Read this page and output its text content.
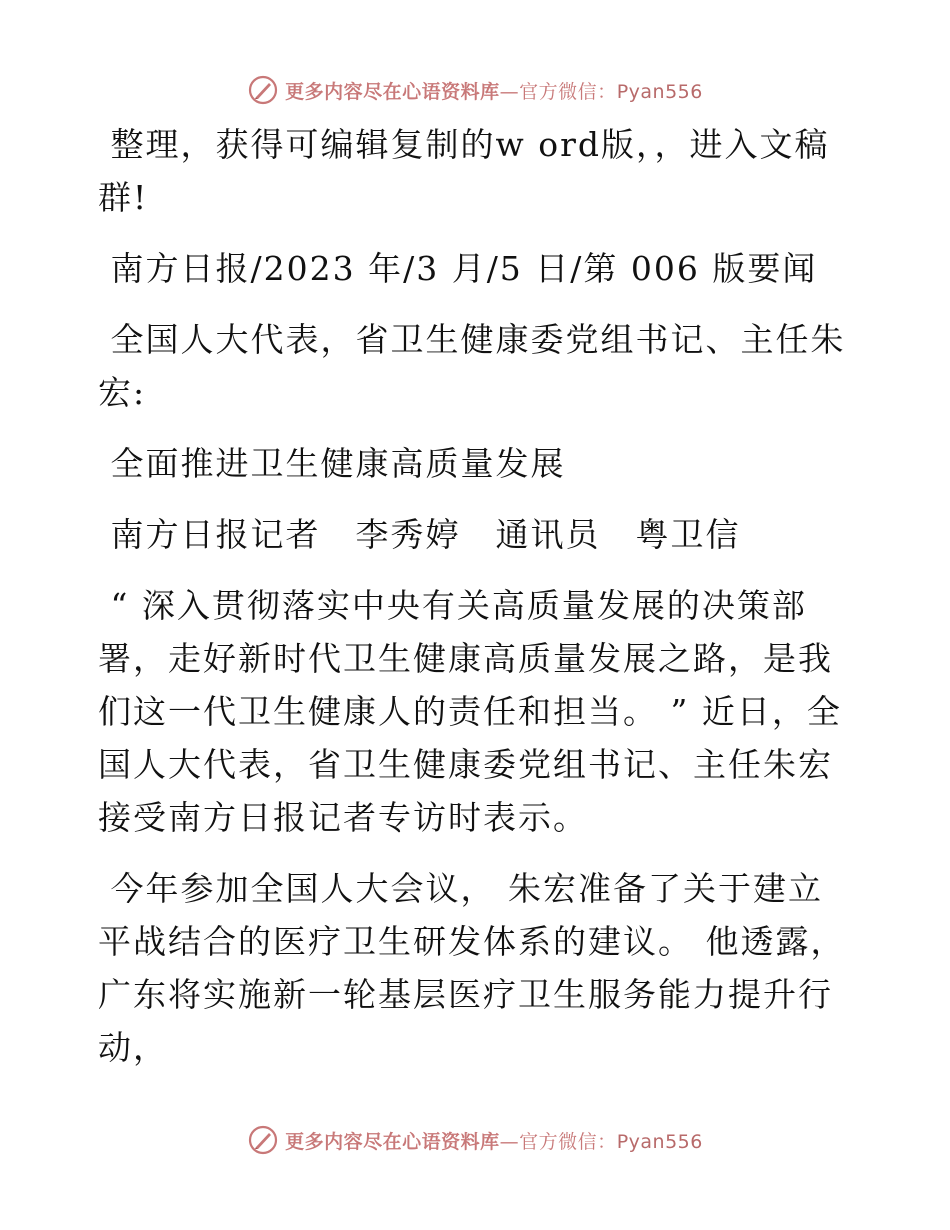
更多内容尽在心语资料库—官方微信：Pyan556

整理，获得可编辑复制的w ord版，，进入文稿群!

南方日报/2023 年/3 月/5 日/第 006 版要闻

全国人大代表，省卫生健康委党组书记、主任朱宏:

全面推进卫生健康高质量发展

南方日报记者　李秀婷　通讯员　粤卫信

“ 深入贯彻落实中央有关高质量发展的决策部署，走好新时代卫生健康高质量发展之路，是我们这一代卫生健康人的责任和担当。 ” 近日，全国人大代表，省卫生健康委党组书记、主任朱宏接受南方日报记者专访时表示。

今年参加全国人大会议， 朱宏准备了关于建立平战结合的医疗卫生研发体系的建议。 他透露，广东将实施新一轮基层医疗卫生服务能力提升行动，

更多内容尽在心语资料库—官方微信：Pyan556
